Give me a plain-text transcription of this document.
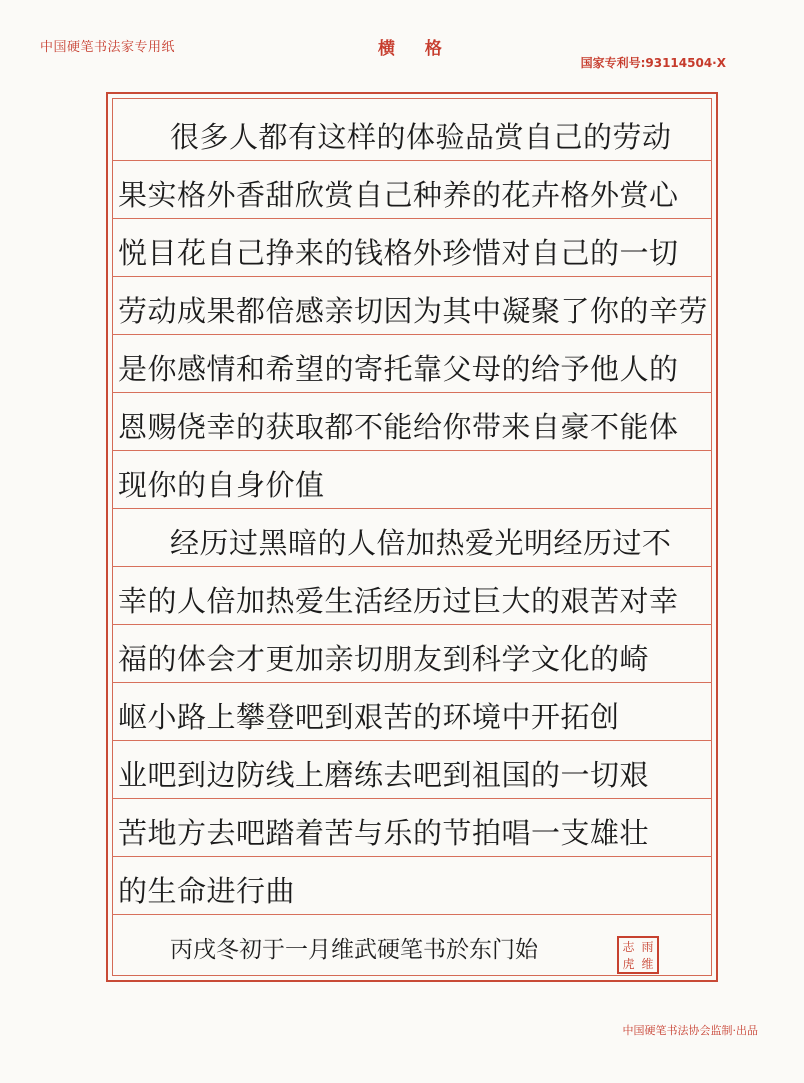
中国硬笔书法家专用纸	横 格
国家专利号:93114504·X
很多人都有这样的体验品赏自己的劳动
果实格外香甜欣赏自己种养的花卉格外赏心
悦目花自己挣来的钱格外珍惜对自己的一切
劳动成果都倍感亲切因为其中凝聚了你的辛劳
是你感情和希望的寄托靠父母的给予他人的
恩赐侥幸的获取都不能给你带来自豪不能体
现你的自身价值
经历过黑暗的人倍加热爱光明经历过不
幸的人倍加热爱生活经历过巨大的艰苦对幸
福的体会才更加亲切朋友到科学文化的崎
岖小路上攀登吧到艰苦的环境中开拓创
业吧到边防线上磨练去吧到祖国的一切艰
苦地方去吧踏着苦与乐的节拍唱一支雄壮
的生命进行曲
丙戌冬初于一月维武硬笔书於东门始	志 雨
虎 维
中国硬笔书法协会监制·出品
